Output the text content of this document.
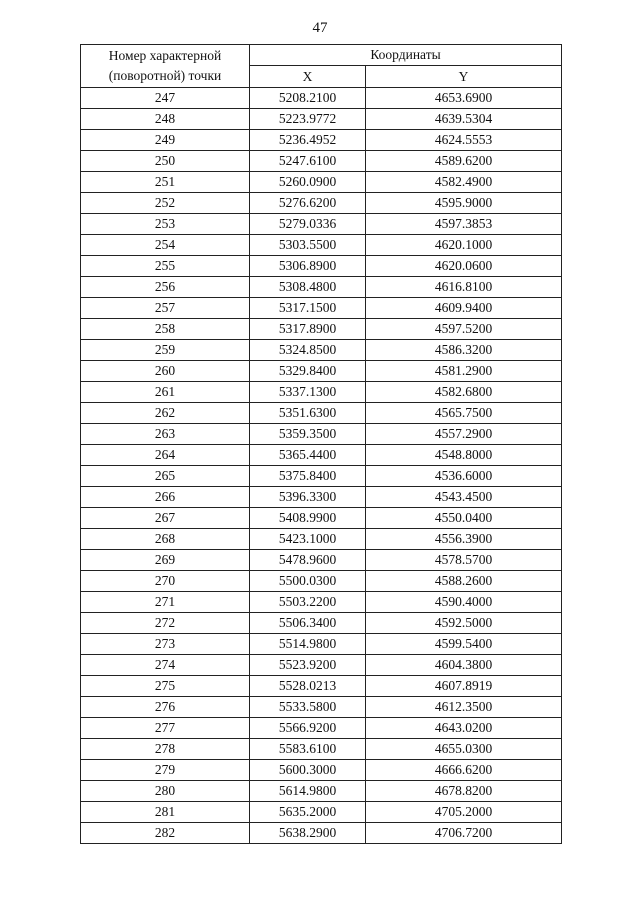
47
Номер характерной
(поворотной) точки	Координаты	
	X	Y
247	5208.2100	4653.6900
248	5223.9772	4639.5304
249	5236.4952	4624.5553
250	5247.6100	4589.6200
251	5260.0900	4582.4900
252	5276.6200	4595.9000
253	5279.0336	4597.3853
254	5303.5500	4620.1000
255	5306.8900	4620.0600
256	5308.4800	4616.8100
257	5317.1500	4609.9400
258	5317.8900	4597.5200
259	5324.8500	4586.3200
260	5329.8400	4581.2900
261	5337.1300	4582.6800
262	5351.6300	4565.7500
263	5359.3500	4557.2900
264	5365.4400	4548.8000
265	5375.8400	4536.6000
266	5396.3300	4543.4500
267	5408.9900	4550.0400
268	5423.1000	4556.3900
269	5478.9600	4578.5700
270	5500.0300	4588.2600
271	5503.2200	4590.4000
272	5506.3400	4592.5000
273	5514.9800	4599.5400
274	5523.9200	4604.3800
275	5528.0213	4607.8919
276	5533.5800	4612.3500
277	5566.9200	4643.0200
278	5583.6100	4655.0300
279	5600.3000	4666.6200
280	5614.9800	4678.8200
281	5635.2000	4705.2000
282	5638.2900	4706.7200
